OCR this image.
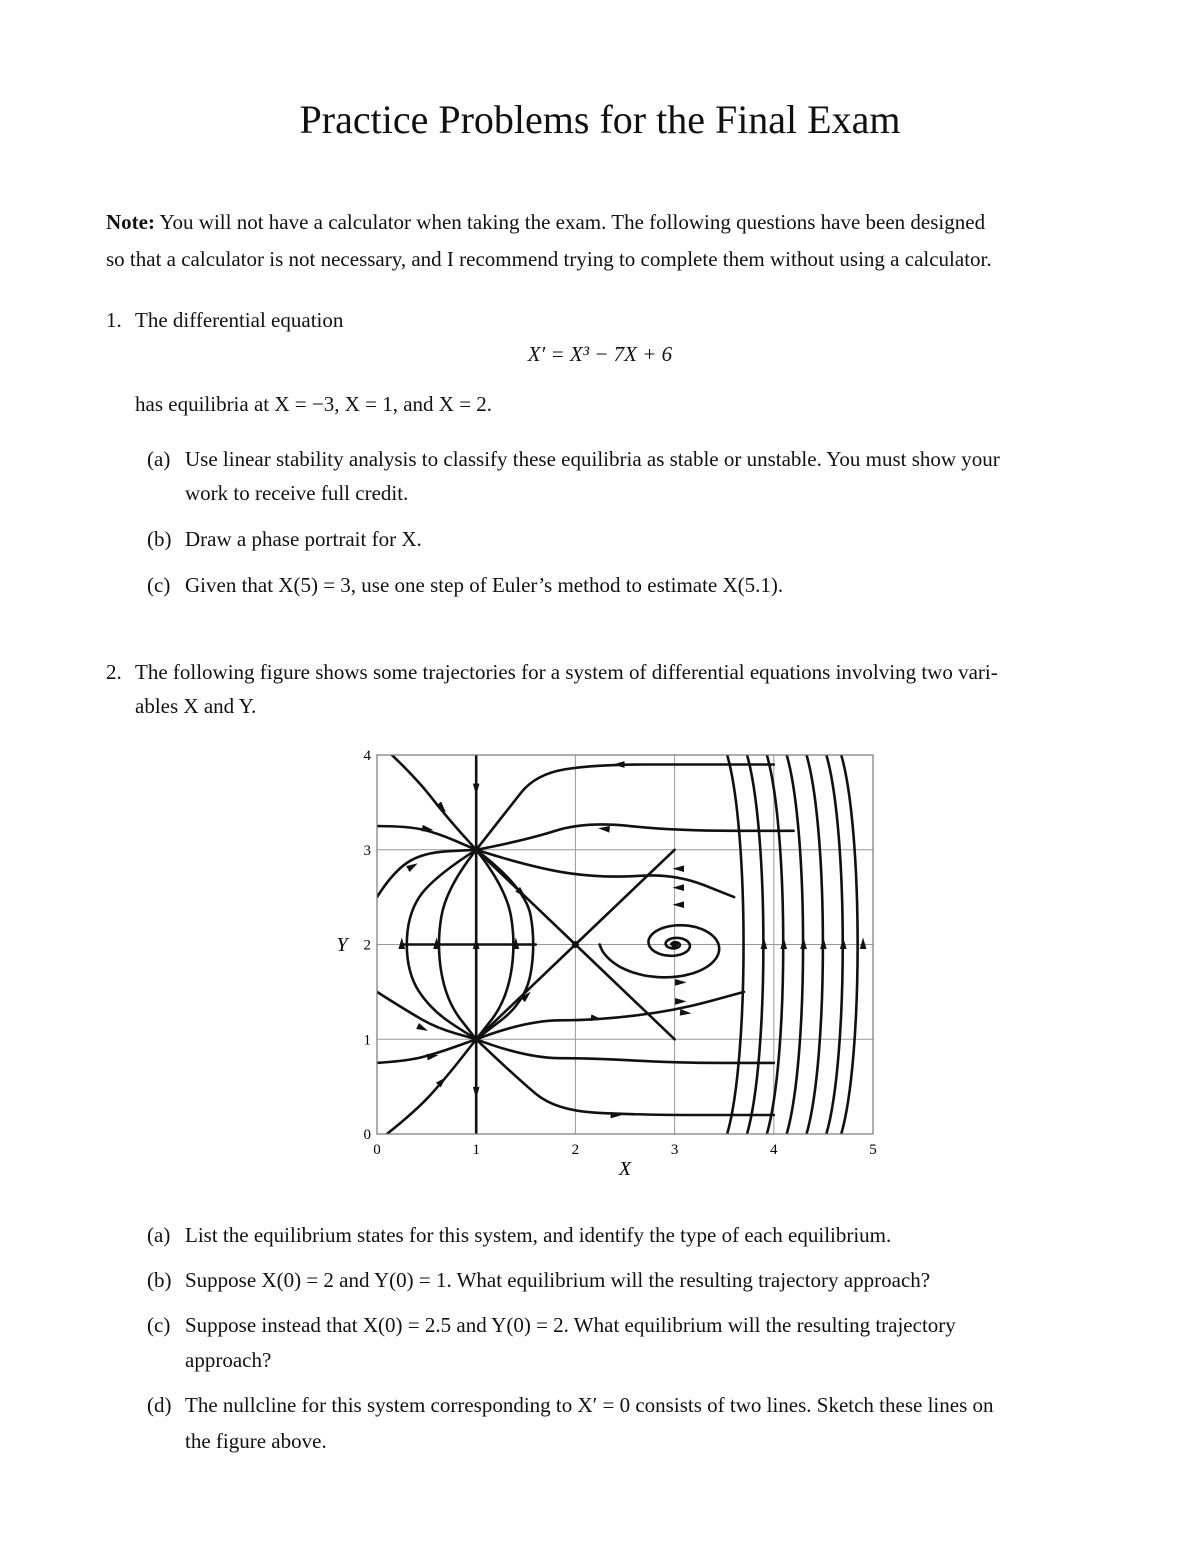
Practice Problems for the Final Exam
Note: You will not have a calculator when taking the exam. The following questions have been designed
so that a calculator is not necessary, and I recommend trying to complete them without using a calculator.
1. The differential equation
X′ = X³ − 7X + 6
has equilibria at X = −3, X = 1, and X = 2.
(a) Use linear stability analysis to classify these equilibria as stable or unstable. You must show your
work to receive full credit.
(b) Draw a phase portrait for X.
(c) Given that X(5) = 3, use one step of Euler’s method to estimate X(5.1).
2. The following figure shows some trajectories for a system of differential equations involving two vari-
ables X and Y.
0	1	2	3	4	5
0
1
2
3
4
X
Y
(a) List the equilibrium states for this system, and identify the type of each equilibrium.
(b) Suppose X(0) = 2 and Y(0) = 1. What equilibrium will the resulting trajectory approach?
(c) Suppose instead that X(0) = 2.5 and Y(0) = 2. What equilibrium will the resulting trajectory
approach?
(d) The nullcline for this system corresponding to X′ = 0 consists of two lines. Sketch these lines on
the figure above.
